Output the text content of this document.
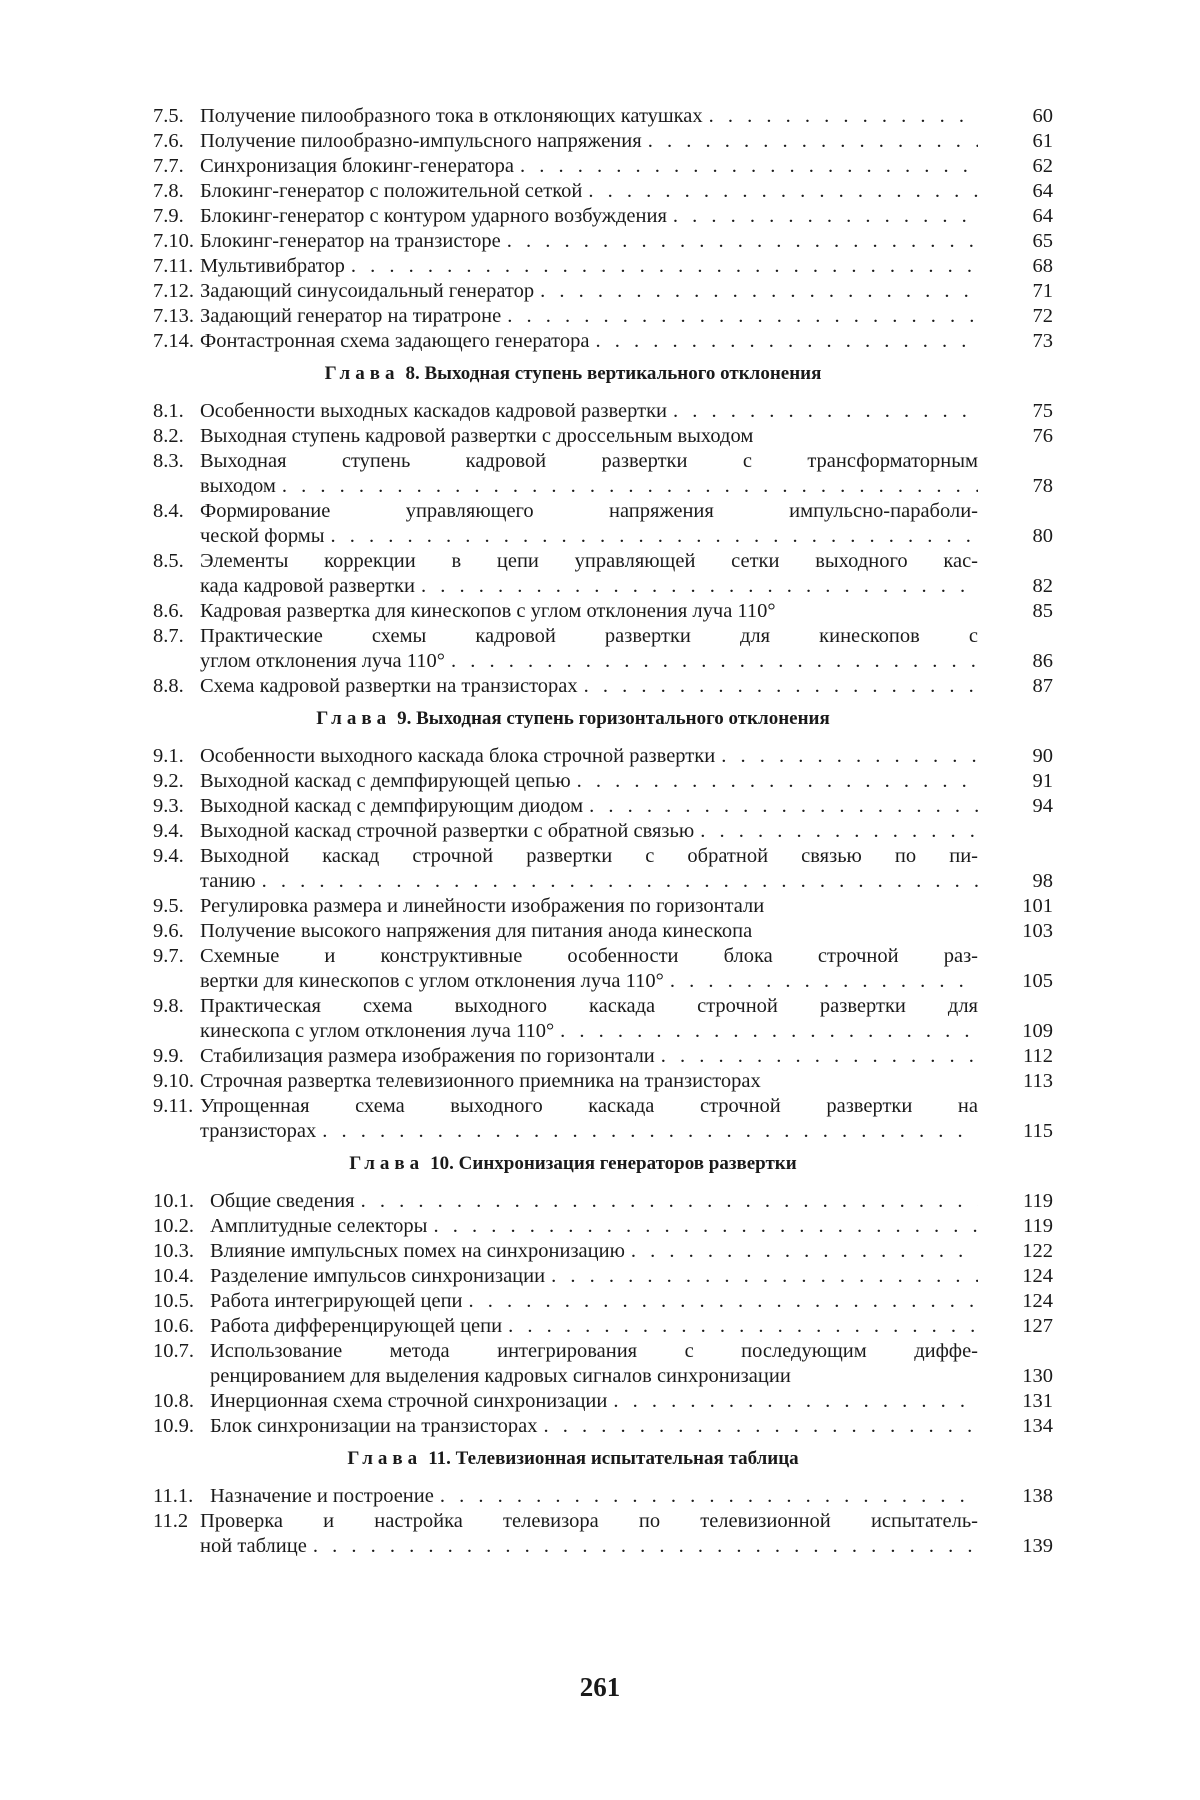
7.5. Получение пилообразного тока в отклоняющих катушках
. . .	60
7.6. Получение пилообразно-импульсного напряжения
. . .	61
7.7. Синхронизация блокинг-генератора
. . .	62
7.8. Блокинг-генератор с положительной сеткой
. . .	64
7.9. Блокинг-генератор с контуром ударного возбуждения
. . .	64
7.10. Блокинг-генератор на транзисторе
. . .	65
7.11. Мультивибратор
. . .	68
7.12. Задающий синусоидальный генератор
. . .	71
7.13. Задающий генератор на тиратроне
. . .	72
7.14. Фонтастронная схема задающего генератора
. . .	73
Глава 8. Выходная ступень вертикального отклонения
8.1. Особенности выходных каскадов кадровой развертки
. . .	75
8.2. Выходная ступень кадровой развертки с дроссельным выходом	76
8.3. Выходная ступень кадровой развертки с трансформаторным
выходом
. . .	78
8.4. Формирование управляющего напряжения импульсно-параболи-
ческой формы
. . .	80
8.5. Элементы коррекции в цепи управляющей сетки выходного кас-
када кадровой развертки
. . .	82
8.6. Кадровая развертка для кинескопов с углом отклонения луча 110°	85
8.7. Практические схемы кадровой развертки для кинескопов с
углом отклонения луча 110°
. . .	86
8.8. Схема кадровой развертки на транзисторах
. . .	87
Глава 9. Выходная ступень горизонтального отклонения
9.1. Особенности выходного каскада блока строчной развертки
. . .	90
9.2. Выходной каскад с демпфирующей цепью
. . .	91
9.3. Выходной каскад с демпфирующим диодом
. . .	94
9.4. Выходной каскад строчной развертки с обратной связью
. . .
9.4. Выходной каскад строчной развертки с обратной связью по пи-
танию
. . .	98
9.5. Регулировка размера и линейности изображения по горизонтали	101
9.6. Получение высокого напряжения для питания анода кинескопа	103
9.7. Схемные и конструктивные особенности блока строчной раз-
вертки для кинескопов с углом отклонения луча 110°
. . .	105
9.8. Практическая схема выходного каскада строчной развертки для
кинескопа с углом отклонения луча 110°
. . .	109
9.9. Стабилизация размера изображения по горизонтали
. . .	112
9.10. Строчная развертка телевизионного приемника на транзисторах	113
9.11. Упрощенная схема выходного каскада строчной развертки на
транзисторах
. . .	115
Глава 10. Синхронизация генераторов развертки
10.1. Общие сведения
. . .	119
10.2. Амплитудные селекторы
. . .	119
10.3. Влияние импульсных помех на синхронизацию
. . .	122
10.4. Разделение импульсов синхронизации
. . .	124
10.5. Работа интегрирующей цепи
. . .	124
10.6. Работа дифференцирующей цепи
. . .	127
10.7. Использование метода интегрирования с последующим диффе-
ренцированием для выделения кадровых сигналов синхронизации	130
10.8. Инерционная схема строчной синхронизации
. . .	131
10.9. Блок синхронизации на транзисторах
. . .	134
Глава 11. Телевизионная испытательная таблица
11.1. Назначение и построение
. . .	138
11.2 Проверка и настройка телевизора по телевизионной испытатель-
ной таблице
. . .	139
261
